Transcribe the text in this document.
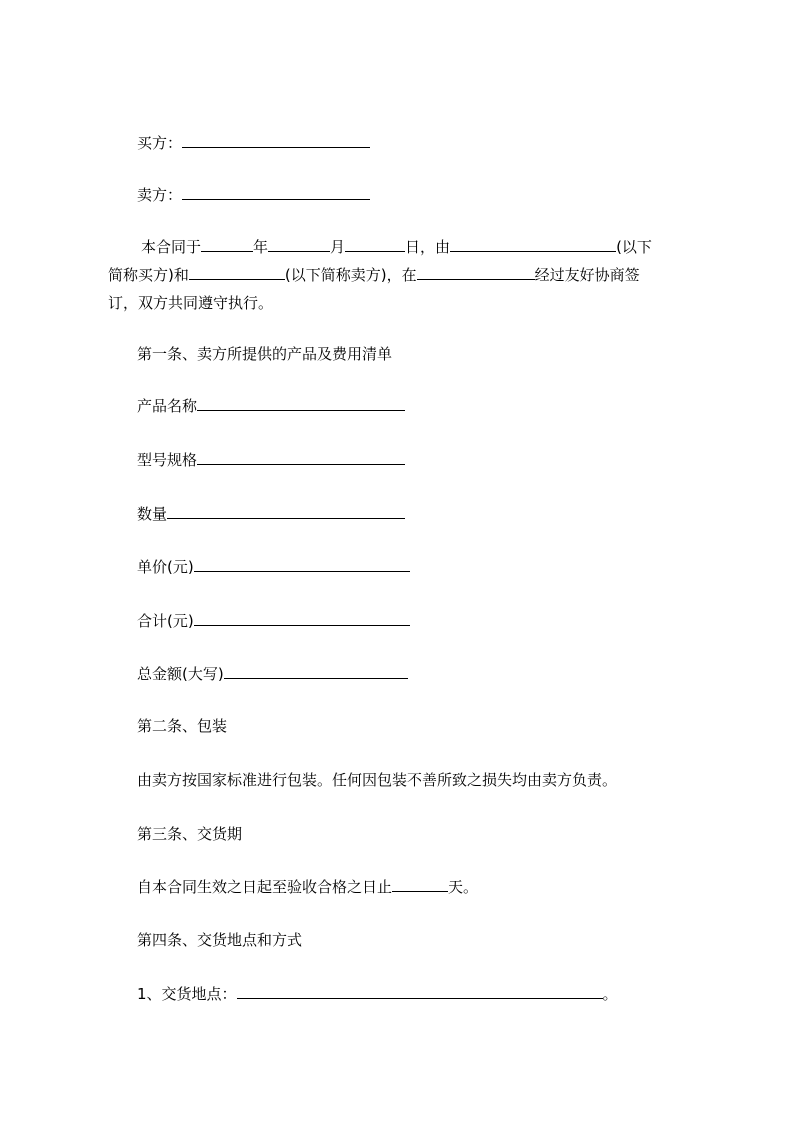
买方：
卖方：
本合同于	年	月	日，由	(以下
简称买方)和	(以下简称卖方)，在	经过友好协商签
订，双方共同遵守执行。
第一条、卖方所提供的产品及费用清单
产品名称
型号规格
数量
单价(元)
合计(元)
总金额(大写)
第二条、包装
由卖方按国家标准进行包装。任何因包装不善所致之损失均由卖方负责。
第三条、交货期
自本合同生效之日起至验收合格之日止	天。
第四条、交货地点和方式
1、交货地点：	。
